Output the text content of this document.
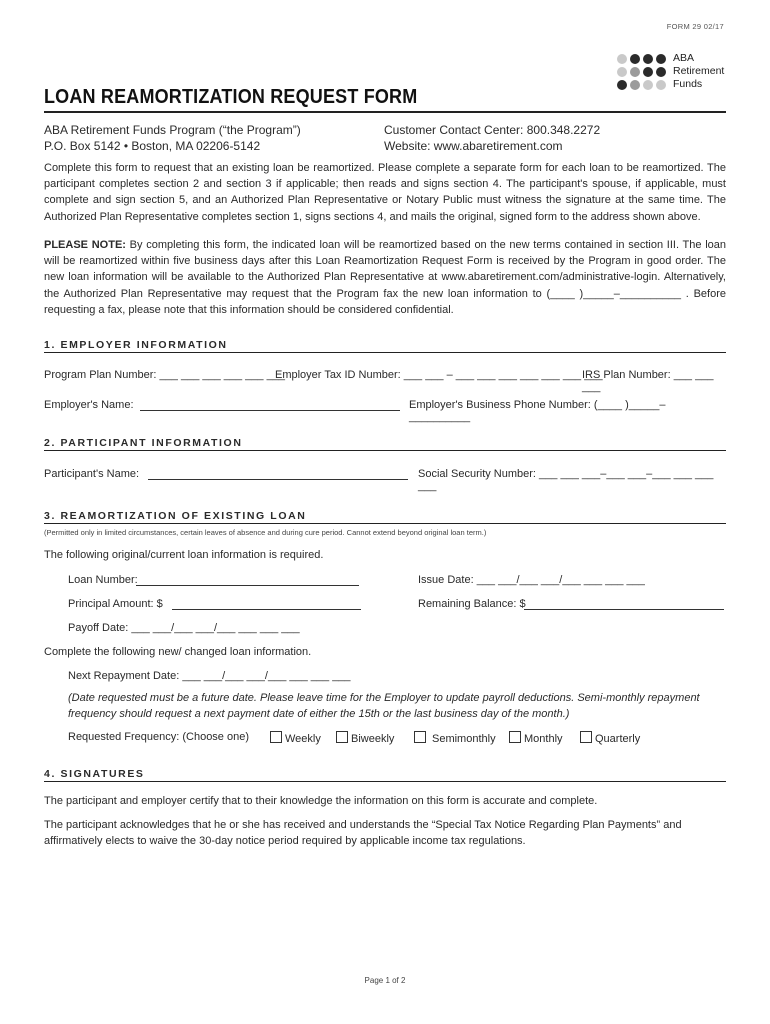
FORM 29 02/17
ABA
Retirement
Funds
LOAN REAMORTIZATION REQUEST FORM
ABA Retirement Funds Program (“the Program”)
P.O. Box 5142 • Boston, MA 02206-5142
Customer Contact Center: 800.348.2272
Website: www.abaretirement.com
Complete this form to request that an existing loan be reamortized. Please complete a separate form for each loan to be reamortized. The participant completes section 2 and section 3 if applicable; then reads and signs section 4. The participant's spouse, if applicable, must complete and sign section 5, and an Authorized Plan Representative or Notary Public must witness the signature at the same time. The Authorized Plan Representative completes section 1, signs sections 4, and mails the original, signed form to the address shown above.
PLEASE NOTE: By completing this form, the indicated loan will be reamortized based on the new terms contained in section III. The loan will be reamortized within five business days after this Loan Reamortization Request Form is received by the Program in good order. The new loan information will be available to the Authorized Plan Representative at www.abaretirement.com/administrative-login. Alternatively, the Authorized Plan Representative may request that the Program fax the new loan information to (____ )_____–__________ . Before requesting a fax, please note that this information should be considered confidential.
1. EMPLOYER INFORMATION
Program Plan Number: ___ ___ ___ ___ ___ ___
Employer Tax ID Number: ___ ___ – ___ ___ ___ ___ ___ ___ ___
IRS Plan Number: ___ ___ ___
Employer's Name:	Employer's Business Phone Number: (____ )_____–__________
2. PARTICIPANT INFORMATION
Participant's Name:	Social Security Number: ___ ___ ___–___ ___–___ ___ ___ ___
3. REAMORTIZATION OF EXISTING LOAN
(Permitted only in limited circumstances, certain leaves of absence and during cure period. Cannot extend beyond original loan term.)
The following original/current loan information is required.
Loan Number:	Issue Date: ___ ___/___ ___/___ ___ ___ ___
Principal Amount: $	Remaining Balance: $
Payoff Date: ___ ___/___ ___/___ ___ ___ ___
Complete the following new/ changed loan information.
Next Repayment Date: ___ ___/___ ___/___ ___ ___ ___
(Date requested must be a future date. Please leave time for the Employer to update payroll deductions. Semi-monthly repayment frequency should request a next payment date of either the 15th or the last business day of the month.)
Requested Frequency: (Choose one)	Weekly	Biweekly	Semimonthly	Monthly	Quarterly
4. SIGNATURES
The participant and employer certify that to their knowledge the information on this form is accurate and complete.
The participant acknowledges that he or she has received and understands the “Special Tax Notice Regarding Plan Payments” and affirmatively elects to waive the 30-day notice period required by applicable income tax regulations.
Page 1 of 2
